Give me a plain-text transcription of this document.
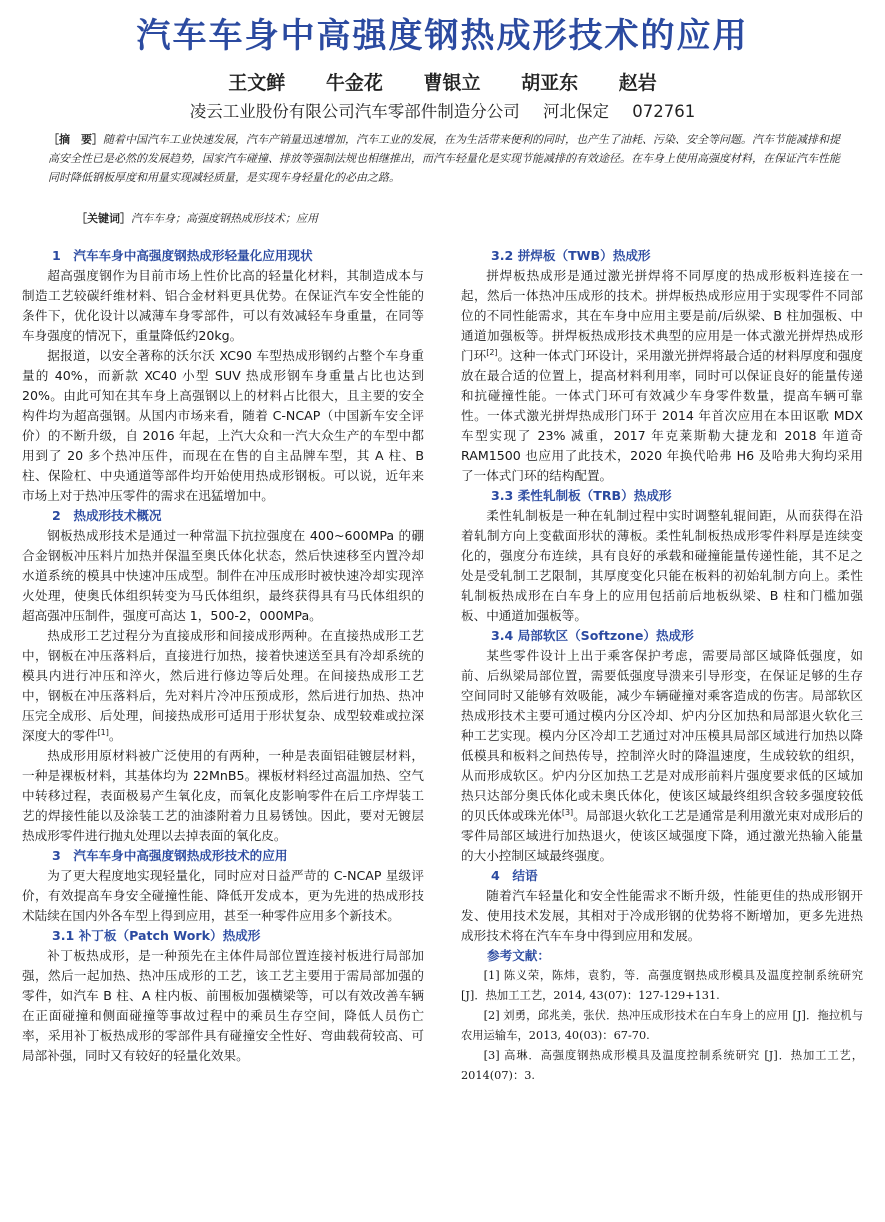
汽车车身中高强度钢热成形技术的应用
王文鲜 牛金花 曹银立 胡亚东 赵岩
凌云工业股份有限公司汽车零部件制造分公司 河北保定 072761
［摘　要］随着中国汽车工业快速发展，汽车产销量迅速增加，汽车工业的发展，在为生活带来便利的同时，也产生了油耗、污染、安全等问题。汽车节能减排和提高安全性已是必然的发展趋势，国家汽车碰撞、排放等强制法规也相继推出，而汽车轻量化是实现节能减排的有效途径。在车身上使用高强度材料，在保证汽车性能同时降低钢板厚度和用量实现减轻质量，是实现车身轻量化的必由之路。
［关键词］汽车车身；高强度钢热成形技术；应用

1　汽车车身中高强度钢热成形轻量化应用现状

超高强度钢作为目前市场上性价比高的轻量化材料，其制造成本与制造工艺较碳纤维材料、铝合金材料更具优势。在保证汽车安全性能的条件下，优化设计以减薄车身零部件，可以有效减轻车身重量，在同等车身强度的情况下，重量降低约20kg。

据报道，以安全著称的沃尔沃 XC90 车型热成形钢约占整个车身重量的 40%，而新款 XC40 小型 SUV 热成形钢车身重量占比也达到 20%。由此可知在其车身上高强钢以上的材料占比很大，且主要的安全构件均为超高强钢。从国内市场来看，随着 C-NCAP（中国新车安全评价）的不断升级，自 2016 年起，上汽大众和一汽大众生产的车型中都用到了 20 多个热冲压件，而现在在售的自主品牌车型，其 A 柱、B 柱、保险杠、中央通道等部件均开始使用热成形钢板。可以说，近年来市场上对于热冲压零件的需求在迅猛增加中。

2　热成形技术概况

钢板热成形技术是通过一种常温下抗拉强度在 400~600MPa 的硼合金钢板冲压料片加热并保温至奥氏体化状态，然后快速移至内置冷却水道系统的模具中快速冲压成型。制件在冲压成形时被快速冷却实现淬火处理，使奥氏体组织转变为马氏体组织，最终获得具有马氏体组织的超高强冲压制件，强度可高达 1，500-2，000MPa。

热成形工艺过程分为直接成形和间接成形两种。在直接热成形工艺中，钢板在冲压落料后，直接进行加热，接着快速送至具有冷却系统的模具内进行冲压和淬火，然后进行修边等后处理。在间接热成形工艺中，钢板在冲压落料后，先对料片冷冲压预成形，然后进行加热、热冲压完全成形、后处理，间接热成形可适用于形状复杂、成型较难或拉深深度大的零件[1]。

热成形用原材料被广泛使用的有两种，一种是表面铝硅镀层材料，一种是裸板材料，其基体均为 22MnB5。裸板材料经过高温加热、空气中转移过程，表面极易产生氧化皮，而氧化皮影响零件在后工序焊装工艺的焊接性能以及涂装工艺的油漆附着力且易锈蚀。因此，要对无镀层热成形零件进行抛丸处理以去掉表面的氧化皮。

3　汽车车身中高强度钢热成形技术的应用

为了更大程度地实现轻量化，同时应对日益严苛的 C-NCAP 星级评价，有效提高车身安全碰撞性能、降低开发成本，更为先进的热成形技术陆续在国内外各车型上得到应用，甚至一种零件应用多个新技术。

3.1 补丁板（Patch Work）热成形

补丁板热成形，是一种预先在主体件局部位置连接衬板进行局部加强，然后一起加热、热冲压成形的工艺，该工艺主要用于需局部加强的零件，如汽车 B 柱、A 柱内板、前围板加强横梁等，可以有效改善车辆在正面碰撞和侧面碰撞等事故过程中的乘员生存空间，降低人员伤亡率，采用补丁板热成形的零部件具有碰撞安全性好、弯曲载荷较高、可局部补强，同时又有较好的轻量化效果。

3.2 拼焊板（TWB）热成形

拼焊板热成形是通过激光拼焊将不同厚度的热成形板料连接在一起，然后一体热冲压成形的技术。拼焊板热成形应用于实现零件不同部位的不同性能需求，其在车身中应用主要是前/后纵梁、B 柱加强板、中通道加强板等。拼焊板热成形技术典型的应用是一体式激光拼焊热成形门环[2]。这种一体式门环设计，采用激光拼焊将最合适的材料厚度和强度放在最合适的位置上，提高材料利用率，同时可以保证良好的能量传递和抗碰撞性能。一体式门环可有效减少车身零件数量，提高车辆可靠性。一体式激光拼焊热成形门环于 2014 年首次应用在本田讴歌 MDX 车型实现了 23% 减重，2017 年克莱斯勒大捷龙和 2018 年道奇 RAM1500 也应用了此技术，2020 年换代哈弗 H6 及哈弗大狗均采用了一体式门环的结构配置。

3.3 柔性轧制板（TRB）热成形

柔性轧制板是一种在轧制过程中实时调整轧辊间距，从而获得在沿着轧制方向上变截面形状的薄板。柔性轧制板热成形零件料厚是连续变化的，强度分布连续，具有良好的承载和碰撞能量传递性能，其不足之处是受轧制工艺限制，其厚度变化只能在板料的初始轧制方向上。柔性轧制板热成形在白车身上的应用包括前后地板纵梁、B 柱和门槛加强板、中通道加强板等。

3.4 局部软区（Softzone）热成形

某些零件设计上出于乘客保护考虑，需要局部区域降低强度，如前、后纵梁局部位置，需要低强度导溃来引导形变，在保证足够的生存空间同时又能够有效吸能，减少车辆碰撞对乘客造成的伤害。局部软区热成形技术主要可通过模内分区冷却、炉内分区加热和局部退火软化三种工艺实现。模内分区冷却工艺通过对冲压模具局部区域进行加热以降低模具和板料之间热传导，控制淬火时的降温速度，生成较软的组织，从而形成软区。炉内分区加热工艺是对成形前料片强度要求低的区域加热只达部分奥氏体化或未奥氏体化，使该区域最终组织含较多强度较低的贝氏体或珠光体[3]。局部退火软化工艺是通常是利用激光束对成形后的零件局部区域进行加热退火，使该区域强度下降，通过激光热输入能量的大小控制区域最终强度。

4　结语

随着汽车轻量化和安全性能需求不断升级，性能更佳的热成形钢开发、使用技术发展，其相对于冷成形钢的优势将不断增加，更多先进热成形技术将在汽车车身中得到应用和发展。

参考文献：

[1] 陈义荣，陈炜，袁豹，等．高强度钢热成形模具及温度控制系统研究 [J]．热加工工艺，2014, 43(07)：127-129+131.

[2] 刘勇，邱兆美，张伏．热冲压成形技术在白车身上的应用 [J]．拖拉机与农用运输车，2013, 40(03)：67-70.

[3] 高琳．高强度钢热成形模具及温度控制系统研究 [J]．热加工工艺，2014(07)：3.
